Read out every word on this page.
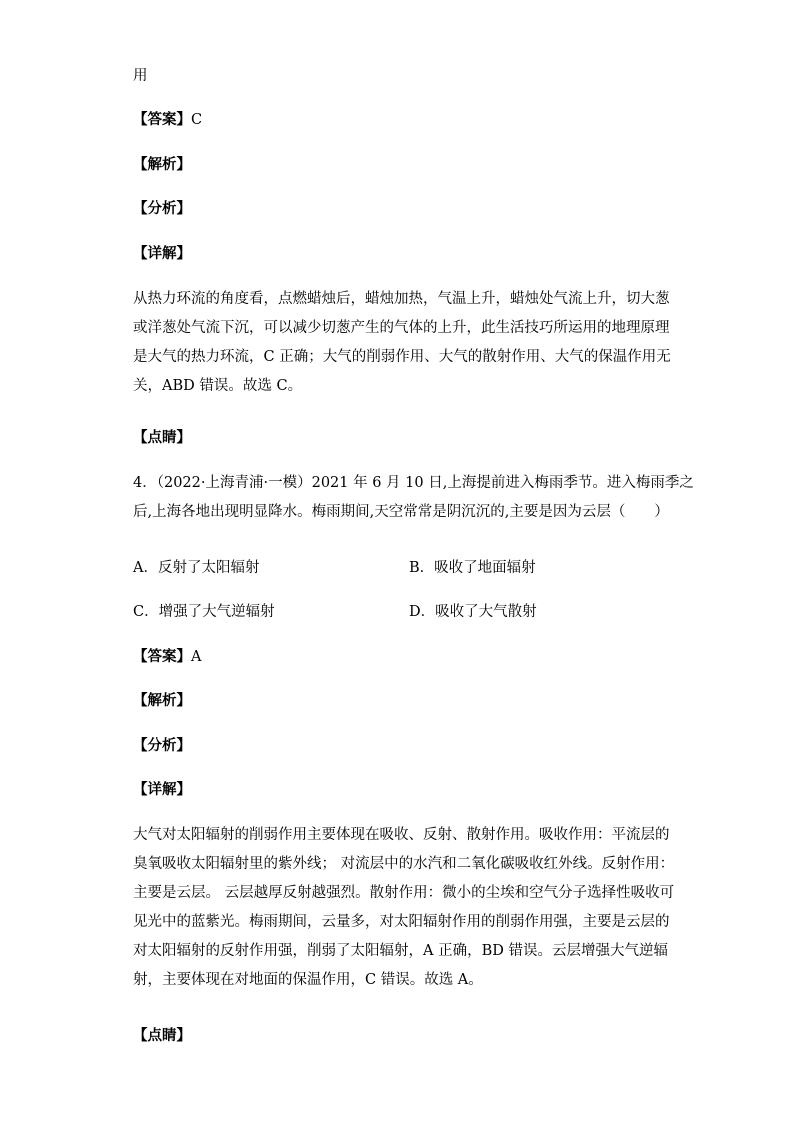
用
【答案】C
【解析】
【分析】
【详解】
从热力环流的角度看，点燃蜡烛后，蜡烛加热，气温上升，蜡烛处气流上升，切大葱
或洋葱处气流下沉，可以减少切葱产生的气体的上升，此生活技巧所运用的地理原理
是大气的热力环流，C 正确；大气的削弱作用、大气的散射作用、大气的保温作用无
关，ABD 错误。故选 C。
【点睛】
4．（2022·上海青浦·一模）2021 年 6 月 10 日,上海提前进入梅雨季节。进入梅雨季之
后,上海各地出现明显降水。梅雨期间,天空常常是阴沉沉的,主要是因为云层（　　）
A．反射了太阳辐射	B．吸收了地面辐射
C．增强了大气逆辐射	D．吸收了大气散射
【答案】A
【解析】
【分析】
【详解】
大气对太阳辐射的削弱作用主要体现在吸收、反射、散射作用。吸收作用：平流层的
臭氧吸收太阳辐射里的紫外线； 对流层中的水汽和二氧化碳吸收红外线。反射作用：
主要是云层。 云层越厚反射越强烈。散射作用：微小的尘埃和空气分子选择性吸收可
见光中的蓝紫光。梅雨期间，云量多，对太阳辐射作用的削弱作用强，主要是云层的
对太阳辐射的反射作用强，削弱了太阳辐射，A 正确，BD 错误。云层增强大气逆辐
射，主要体现在对地面的保温作用，C 错误。故选 A。
【点睛】
